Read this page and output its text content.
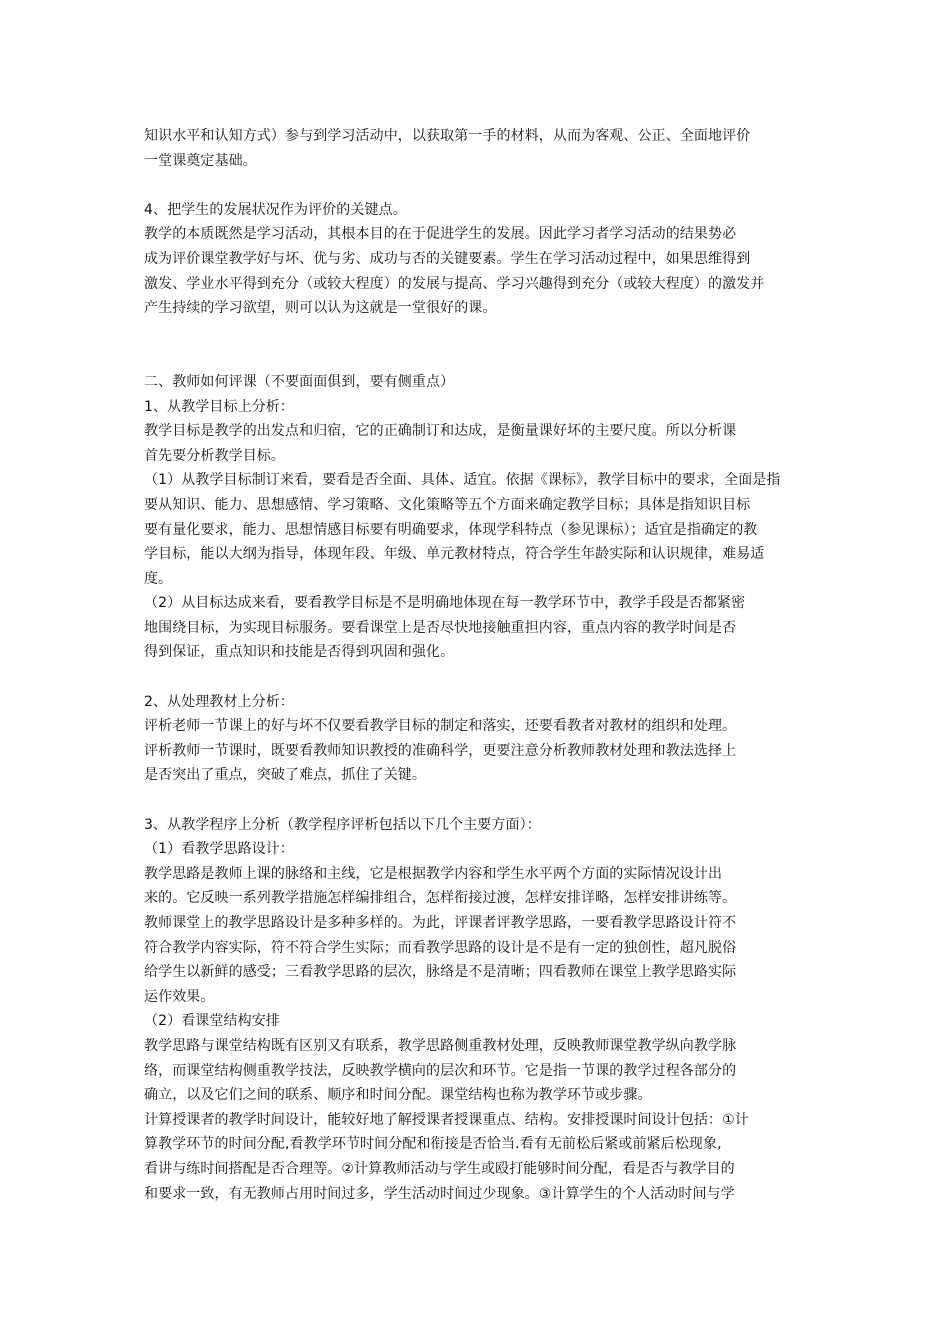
知识水平和认知方式）参与到学习活动中，以获取第一手的材料，从而为客观、公正、全面地评价
一堂课奠定基础。
4、把学生的发展状况作为评价的关键点。
教学的本质既然是学习活动，其根本目的在于促进学生的发展。因此学习者学习活动的结果势必
成为评价课堂教学好与坏、优与劣、成功与否的关键要素。学生在学习活动过程中，如果思维得到
激发、学业水平得到充分（或较大程度）的发展与提高、学习兴趣得到充分（或较大程度）的激发并
产生持续的学习欲望，则可以认为这就是一堂很好的课。
二、教师如何评课（不要面面俱到，要有侧重点）
1、从教学目标上分析：
教学目标是教学的出发点和归宿，它的正确制订和达成，是衡量课好坏的主要尺度。所以分析课
首先要分析教学目标。
（1）从教学目标制订来看，要看是否全面、具体、适宜。依据《课标》，教学目标中的要求，全面是指
要从知识、能力、思想感情、学习策略、文化策略等五个方面来确定教学目标；具体是指知识目标
要有量化要求，能力、思想情感目标要有明确要求，体现学科特点（参见课标）；适宜是指确定的教
学目标，能以大纲为指导，体现年段、年级、单元教材特点，符合学生年龄实际和认识规律，难易适
度。
（2）从目标达成来看，要看教学目标是不是明确地体现在每一教学环节中，教学手段是否都紧密
地围绕目标，为实现目标服务。要看课堂上是否尽快地接触重担内容，重点内容的教学时间是否
得到保证，重点知识和技能是否得到巩固和强化。
2、从处理教材上分析：
评析老师一节课上的好与坏不仅要看教学目标的制定和落实，还要看教者对教材的组织和处理。
评析教师一节课时，既要看教师知识教授的准确科学，更要注意分析教师教材处理和教法选择上
是否突出了重点，突破了难点，抓住了关键。
3、从教学程序上分析（教学程序评析包括以下几个主要方面）：
（1）看教学思路设计：
教学思路是教师上课的脉络和主线，它是根据教学内容和学生水平两个方面的实际情况设计出
来的。它反映一系列教学措施怎样编排组合，怎样衔接过渡，怎样安排详略，怎样安排讲练等。
教师课堂上的教学思路设计是多种多样的。为此，评课者评教学思路，一要看教学思路设计符不
符合教学内容实际，符不符合学生实际；而看教学思路的设计是不是有一定的独创性，超凡脱俗
给学生以新鲜的感受；三看教学思路的层次，脉络是不是清晰；四看教师在课堂上教学思路实际
运作效果。
（2）看课堂结构安排
教学思路与课堂结构既有区别又有联系，教学思路侧重教材处理，反映教师课堂教学纵向教学脉
络，而课堂结构侧重教学技法，反映教学横向的层次和环节。它是指一节课的教学过程各部分的
确立，以及它们之间的联系、顺序和时间分配。课堂结构也称为教学环节或步骤。
计算授课者的教学时间设计，能较好地了解授课者授课重点、结构。安排授课时间设计包括：①计
算教学环节的时间分配,看教学环节时间分配和衔接是否恰当.看有无前松后紧或前紧后松现象,
看讲与练时间搭配是否合理等。②计算教师活动与学生或殴打能够时间分配，看是否与教学目的
和要求一致，有无教师占用时间过多，学生活动时间过少现象。③计算学生的个人活动时间与学
